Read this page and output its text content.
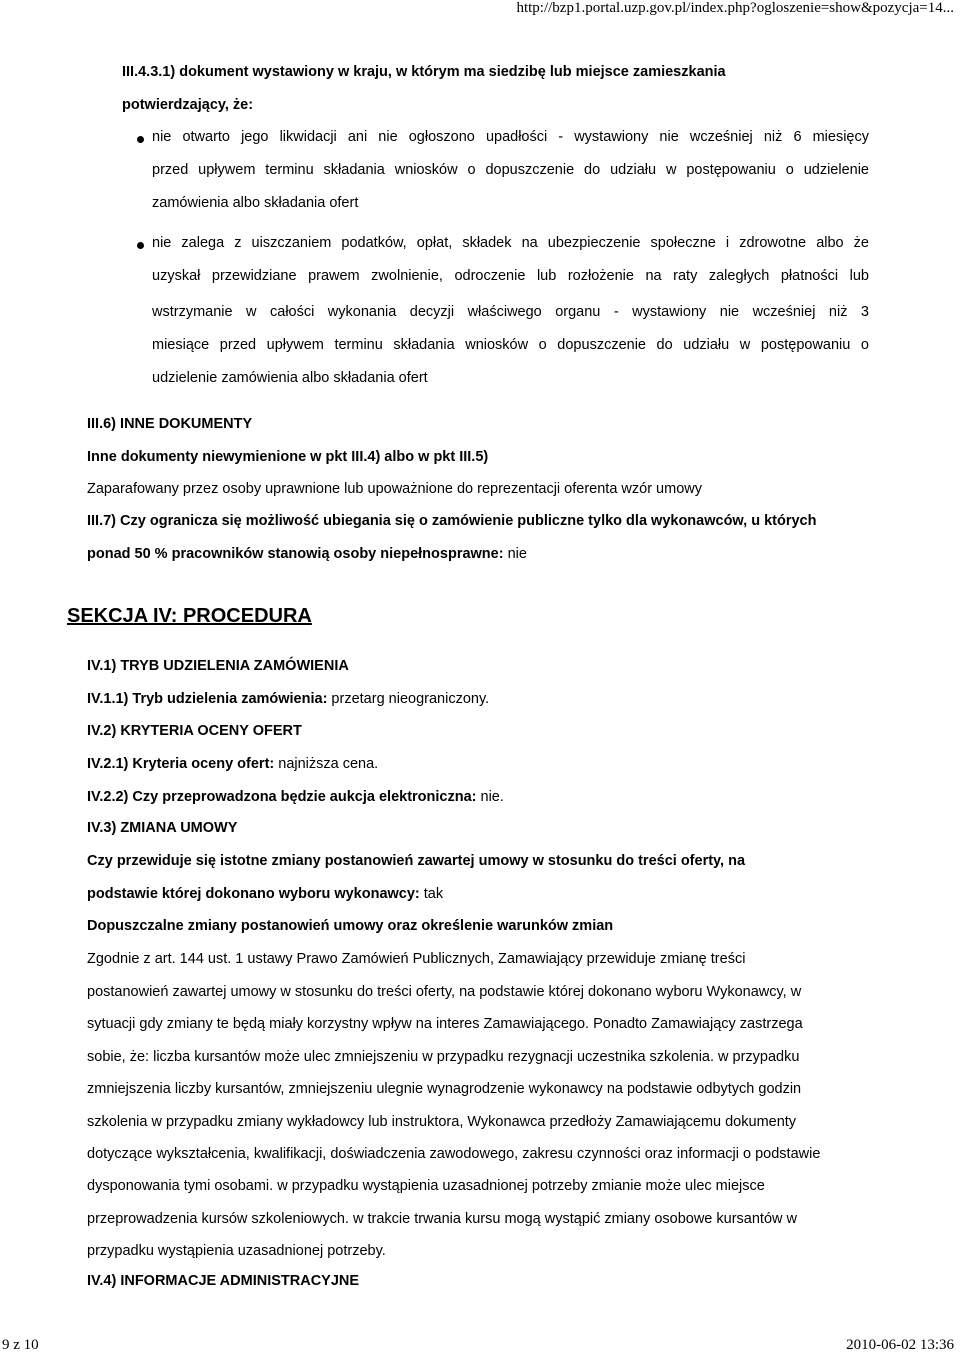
http://bzp1.portal.uzp.gov.pl/index.php?ogloszenie=show&pozycja=14...
III.4.3.1) dokument wystawiony w kraju, w którym ma siedzibę lub miejsce zamieszkania
potwierdzający, że:
nie otwarto jego likwidacji ani nie ogłoszono upadłości - wystawiony nie wcześniej niż 6 miesięcy
przed upływem terminu składania wniosków o dopuszczenie do udziału w postępowaniu o udzielenie
zamówienia albo składania ofert
nie zalega z uiszczaniem podatków, opłat, składek na ubezpieczenie społeczne i zdrowotne albo że
uzyskał przewidziane prawem zwolnienie, odroczenie lub rozłożenie na raty zaległych płatności lub
wstrzymanie w całości wykonania decyzji właściwego organu - wystawiony nie wcześniej niż 3
miesiące przed upływem terminu składania wniosków o dopuszczenie do udziału w postępowaniu o
udzielenie zamówienia albo składania ofert
III.6) INNE DOKUMENTY
Inne dokumenty niewymienione w pkt III.4) albo w pkt III.5)
Zaparafowany przez osoby uprawnione lub upoważnione do reprezentacji oferenta wzór umowy
III.7) Czy ogranicza się możliwość ubiegania się o zamówienie publiczne tylko dla wykonawców, u których
ponad 50 % pracowników stanowią osoby niepełnosprawne: nie
SEKCJA IV: PROCEDURA
IV.1) TRYB UDZIELENIA ZAMÓWIENIA
IV.1.1) Tryb udzielenia zamówienia: przetarg nieograniczony.
IV.2) KRYTERIA OCENY OFERT
IV.2.1) Kryteria oceny ofert: najniższa cena.
IV.2.2) Czy przeprowadzona będzie aukcja elektroniczna: nie.
IV.3) ZMIANA UMOWY
Czy przewiduje się istotne zmiany postanowień zawartej umowy w stosunku do treści oferty, na
podstawie której dokonano wyboru wykonawcy: tak
Dopuszczalne zmiany postanowień umowy oraz określenie warunków zmian
Zgodnie z art. 144 ust. 1 ustawy Prawo Zamówień Publicznych, Zamawiający przewiduje zmianę treści
postanowień zawartej umowy w stosunku do treści oferty, na podstawie której dokonano wyboru Wykonawcy, w
sytuacji gdy zmiany te będą miały korzystny wpływ na interes Zamawiającego. Ponadto Zamawiający zastrzega
sobie, że: liczba kursantów może ulec zmniejszeniu w przypadku rezygnacji uczestnika szkolenia. w przypadku
zmniejszenia liczby kursantów, zmniejszeniu ulegnie wynagrodzenie wykonawcy na podstawie odbytych godzin
szkolenia w przypadku zmiany wykładowcy lub instruktora, Wykonawca przedłoży Zamawiającemu dokumenty
dotyczące wykształcenia, kwalifikacji, doświadczenia zawodowego, zakresu czynności oraz informacji o podstawie
dysponowania tymi osobami. w przypadku wystąpienia uzasadnionej potrzeby zmianie może ulec miejsce
przeprowadzenia kursów szkoleniowych. w trakcie trwania kursu mogą wystąpić zmiany osobowe kursantów w
przypadku wystąpienia uzasadnionej potrzeby.
IV.4) INFORMACJE ADMINISTRACYJNE
9 z 10	2010-06-02 13:36
